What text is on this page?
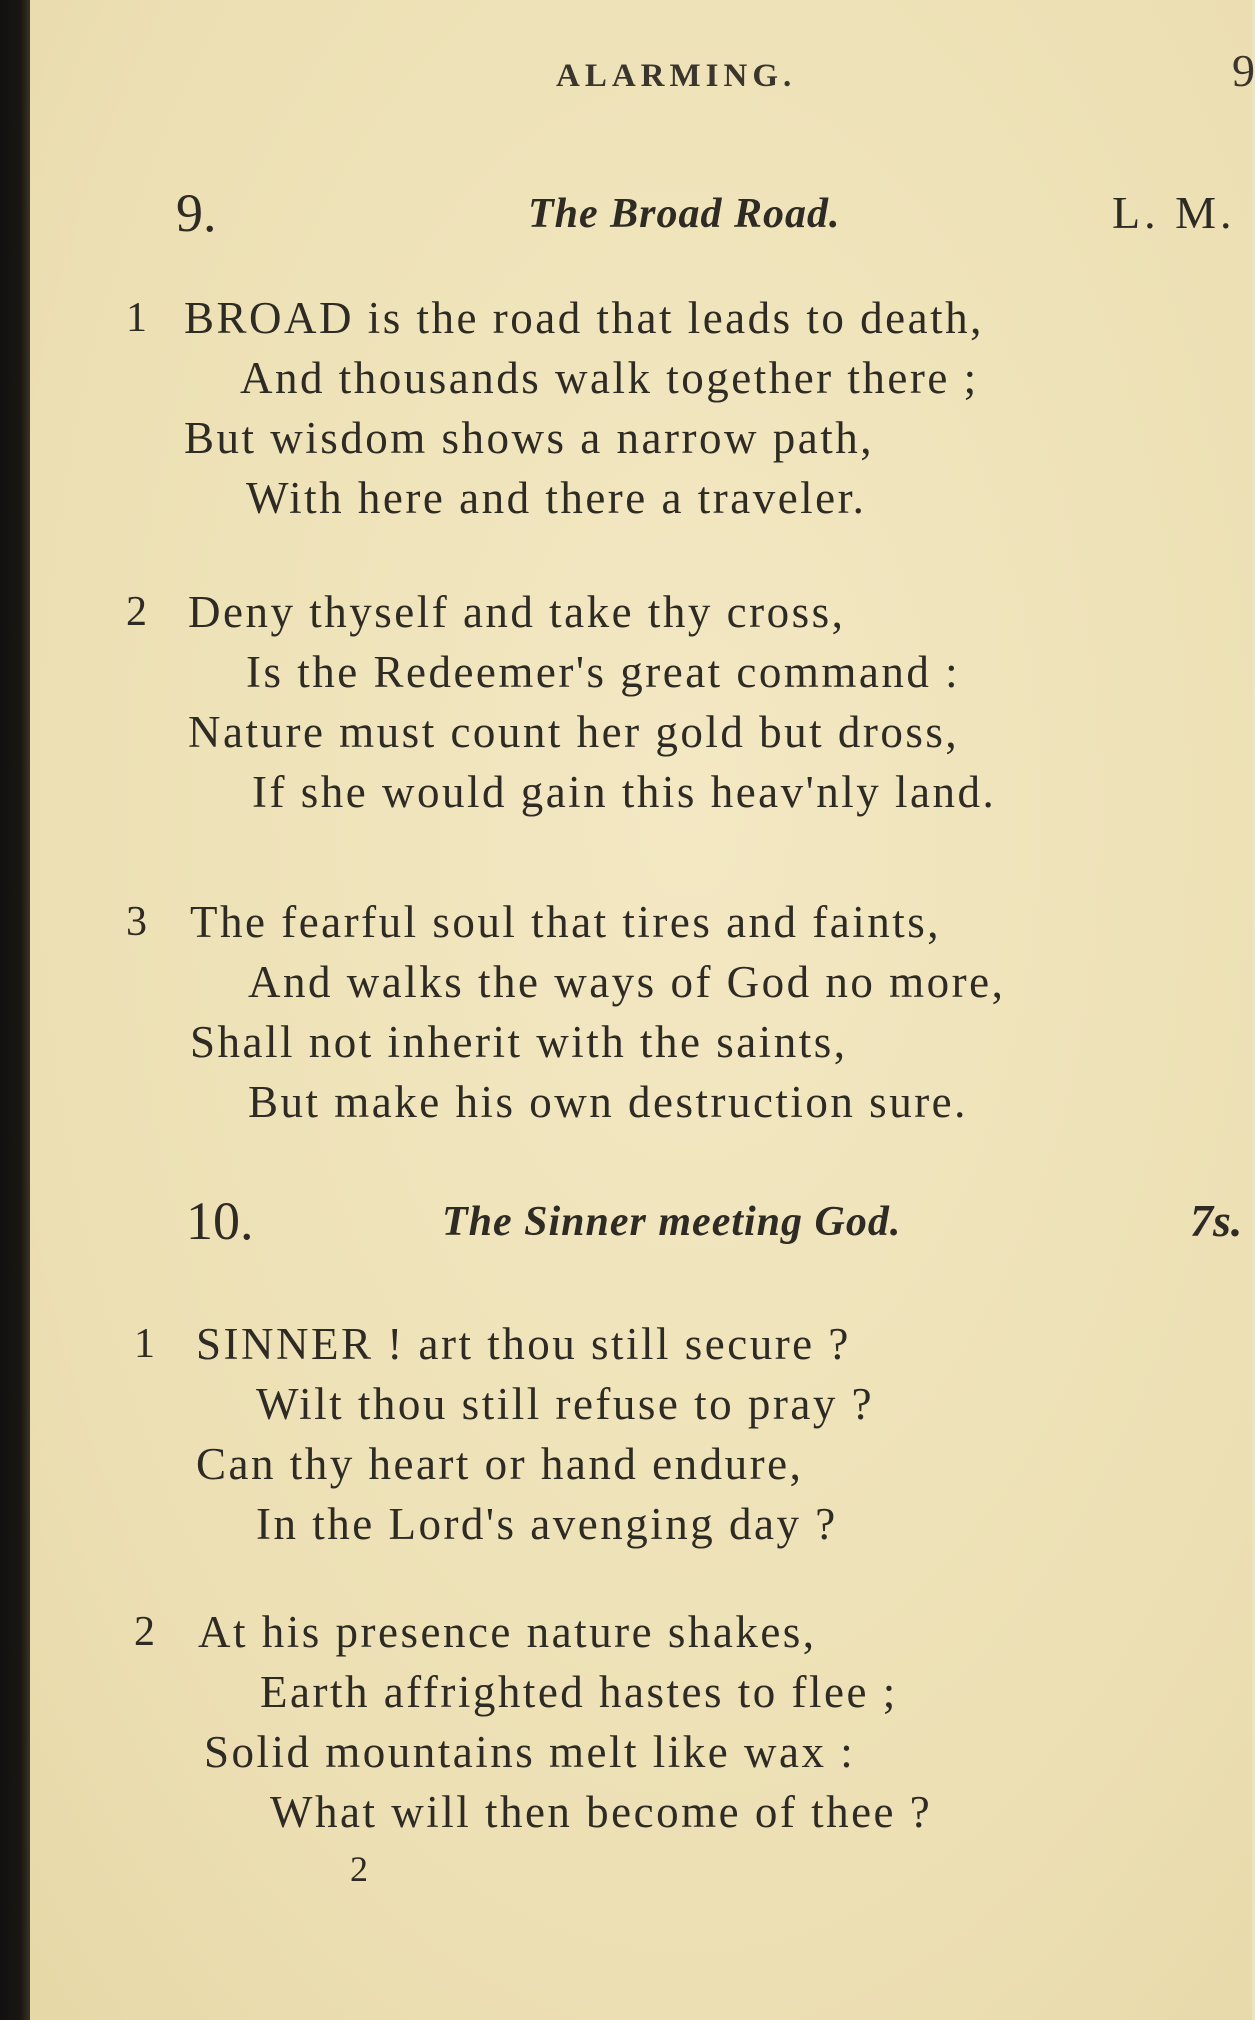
ALARMING.	9
9.	The Broad Road.	L. M.
1 BROAD is the road that leads to death,
And thousands walk together there ;
But wisdom shows a narrow path,
With here and there a traveler.
2 Deny thyself and take thy cross,
Is the Redeemer's great command :
Nature must count her gold but dross,
If she would gain this heav'nly land.
3 The fearful soul that tires and faints,
And walks the ways of God no more,
Shall not inherit with the saints,
But make his own destruction sure.
10.	The Sinner meeting God.	7s.
1 SINNER ! art thou still secure ?
Wilt thou still refuse to pray ?
Can thy heart or hand endure,
In the Lord's avenging day ?
2 At his presence nature shakes,
Earth affrighted hastes to flee ;
Solid mountains melt like wax :
What will then become of thee ?
2
